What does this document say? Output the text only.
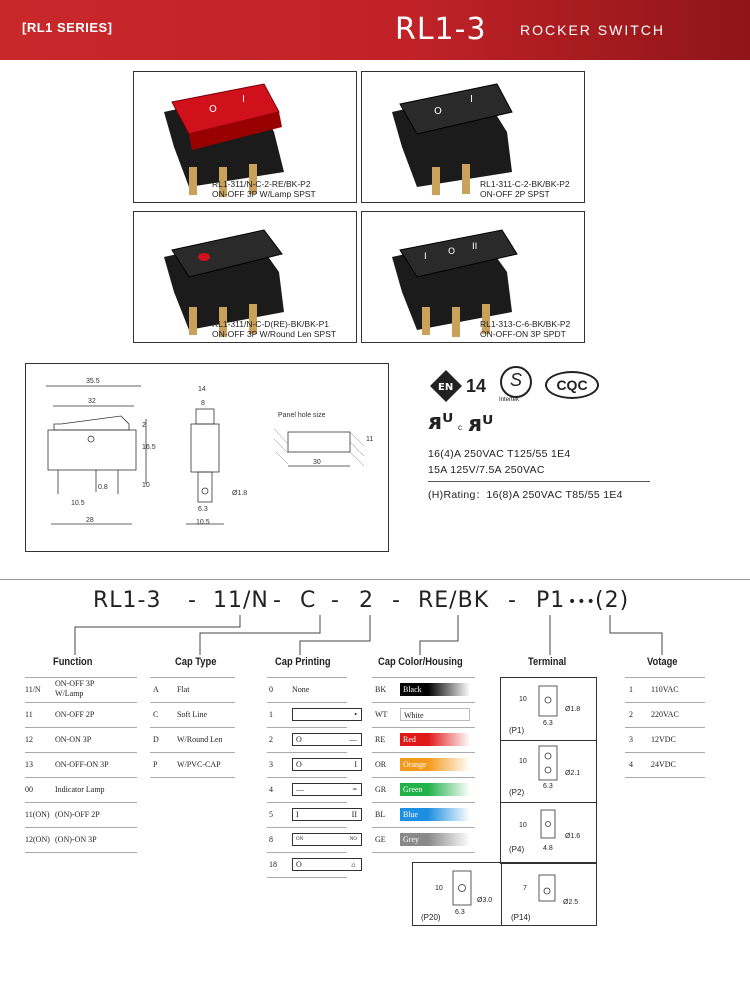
[RL1 SERIES]	RL1-3 ROCKER SWITCH
O
I
RL1-311/N-C-2-RE/BK-P2
ON-OFF 3P W/Lamp SPST
O
I
RL1-311-C-2-BK/BK-P2
ON-OFF 2P SPST
RL1-311/N-C-D(RE)-BK/BK-P1
ON-OFF 3P W/Round Len SPST
I O II
RL1-313-C-6-BK/BK-P2
ON-OFF-ON 3P SPDT
35.5
32
16.5
2
10
10.5
0.8
28
14
8
Ø1.8
6.3
10.5
30
11
Panel hole size
EN 14 S
Intertek
CQC
ᴙᵁ ᴙᵁ
c
16(4)A 250VAC T125/55 1E4
15A 125V/7.5A 250VAC
(H)Rating：16(8)A 250VAC T85/55 1E4
RL1-3 - 11/N - C - 2 - RE/BK - P1 ••• (2)
Function	Cap Type	Cap Printing	Cap Color/Housing	Terminal	Votage
11/N
ON-OFF 3P
W/Lamp
11	ON-OFF 2P
12	ON-ON 3P
13	ON-OFF-ON 3P
00	Indicator Lamp
11(ON) (ON)-OFF 2P
12(ON) (ON)-ON 3P
A Flat
C Soft Line
D W/Round Len
P W/PVC-CAP
0 None
1	•
2	O	—
3	O	I
4	—	=
5	I	II
8	ON	NO
18 O	☼
BK	Black
WT	White
RE	Red
OR	Orange
GR	Green
BL	Blue
GE	Grey
10
6.3
Ø1.8
(P1)
10
6.3
Ø2.1
(P2)
10
4.8
Ø1.6
(P4)
10
6.3
Ø3.0
(P20)
7
Ø2.5
(P14)
1 110VAC
2 220VAC
3 12VDC
4 24VDC
